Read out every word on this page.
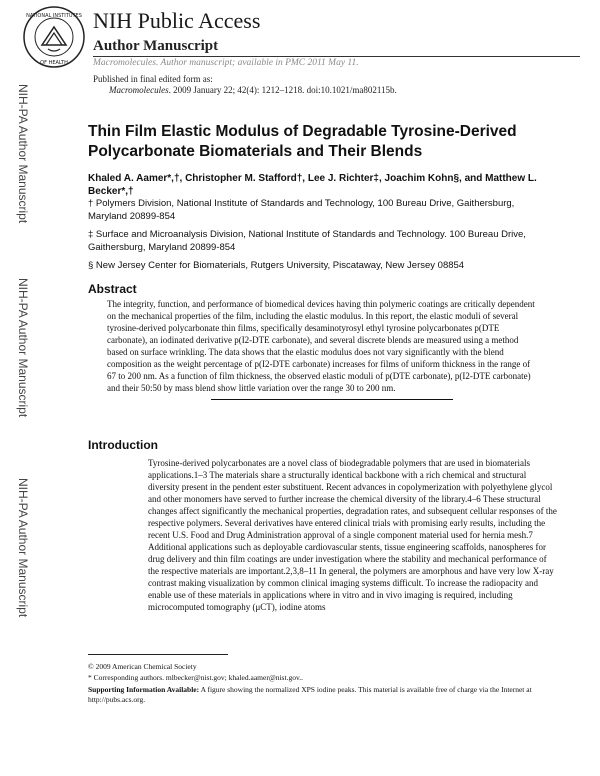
NATIONAL INSTITUTES
OF HEALTH
NIH Public Access
Author Manuscript
Macromolecules. Author manuscript; available in PMC 2011 May 11.
Published in final edited form as:
Macromolecules. 2009 January 22; 42(4): 1212–1218. doi:10.1021/ma802115b.
NIH-PA Author Manuscript
NIH-PA Author Manuscript
NIH-PA Author Manuscript
Thin Film Elastic Modulus of Degradable Tyrosine-Derived Polycarbonate Biomaterials and Their Blends
Khaled A. Aamer*,†, Christopher M. Stafford†, Lee J. Richter‡, Joachim Kohn§, and Matthew L. Becker*,†
† Polymers Division, National Institute of Standards and Technology, 100 Bureau Drive, Gaithersburg, Maryland 20899-854
‡ Surface and Microanalysis Division, National Institute of Standards and Technology. 100 Bureau Drive, Gaithersburg, Maryland 20899-854
§ New Jersey Center for Biomaterials, Rutgers University, Piscataway, New Jersey 08854
Abstract
The integrity, function, and performance of biomedical devices having thin polymeric coatings are critically dependent on the mechanical properties of the film, including the elastic modulus. In this report, the elastic moduli of several tyrosine-derived polycarbonate thin films, specifically desaminotyrosyl ethyl tyrosine polycarbonates p(DTE carbonate), an iodinated derivative p(I2-DTE carbonate), and several discrete blends are measured using a method based on surface wrinkling. The data shows that the elastic modulus does not vary significantly with the blend composition as the weight percentage of p(I2-DTE carbonate) increases for films of uniform thickness in the range of 67 to 200 nm. As a function of film thickness, the observed elastic moduli of p(DTE carbonate), p(I2-DTE carbonate) and their 50:50 by mass blend show little variation over the range 30 to 200 nm.
Introduction
Tyrosine-derived polycarbonates are a novel class of biodegradable polymers that are used in biomaterials applications.1–3 The materials share a structurally identical backbone with a rich chemical and structural diversity present in the pendent ester substituent. Recent advances in copolymerization with polyethylene glycol and other monomers have served to further increase the chemical diversity of the library.4–6 These structural changes affect significantly the mechanical properties, degradation rates, and subsequent cellular responses of the respective polymers. Several derivatives have entered clinical trials with promising early results, including the recent U.S. Food and Drug Administration approval of a single component material used for hernia mesh.7 Additional applications such as deployable cardiovascular stents, tissue engineering scaffolds, nanospheres for drug delivery and thin film coatings are under investigation where the stability and mechanical performance of the respective materials are important.2,3,8–11 In general, the polymers are amorphous and have very low X-ray contrast making visualization by common clinical imaging systems difficult. To increase the radiopacity and enable use of these materials in applications where in vitro and in vivo imaging is required, including microcomputed tomography (μCT), iodine atoms
© 2009 American Chemical Society
* Corresponding authors. mlbecker@nist.gov; khaled.aamer@nist.gov..
Supporting Information Available: A figure showing the normalized XPS iodine peaks. This material is available free of charge via the Internet at http://pubs.acs.org.
